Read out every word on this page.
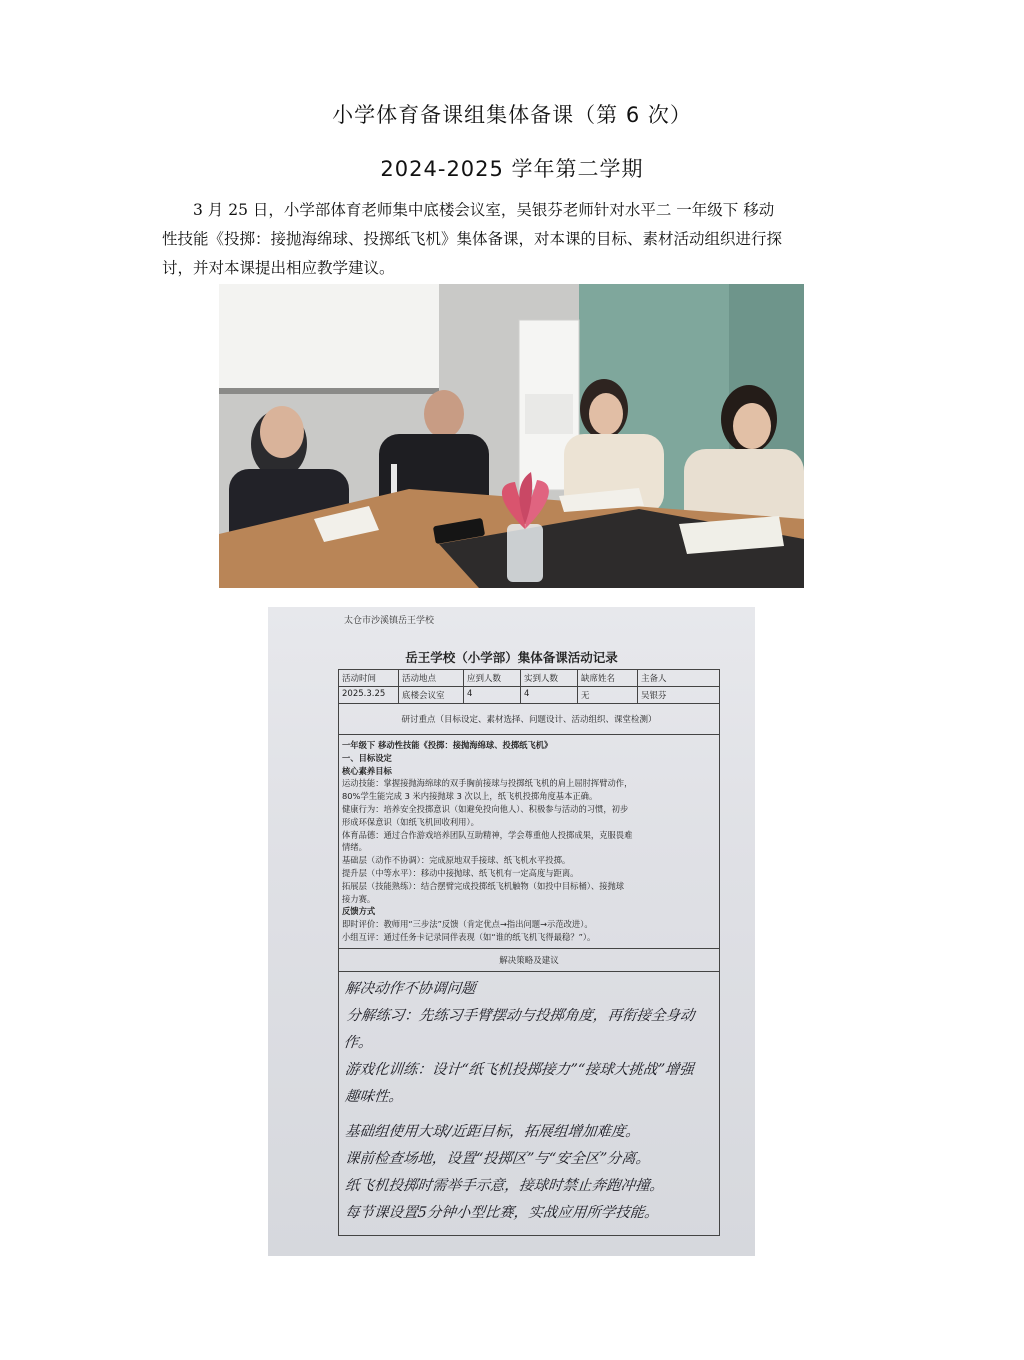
小学体育备课组集体备课（第 6 次）
2024-2025 学年第二学期
3 月 25 日，小学部体育老师集中底楼会议室，吴银芬老师针对水平二 一年级下 移动
性技能《投掷：接抛海绵球、投掷纸飞机》集体备课，对本课的目标、素材活动组织进行探
讨，并对本课提出相应教学建议。
太仓市沙溪镇岳王学校
岳王学校（小学部）集体备课活动记录
活动时间	活动地点	应到人数	实到人数	缺席姓名	主备人
2025.3.25	底楼会议室	4	4	无	吴银芬
研讨重点（目标设定、素材选择、问题设计、活动组织、课堂检测）
一年级下 移动性技能《投掷：接抛海绵球、投掷纸飞机》
一、目标设定
核心素养目标
运动技能：掌握接抛海绵球的双手胸前接球与投掷纸飞机的肩上屈肘挥臂动作，
80%学生能完成 3 米内接抛球 3 次以上，纸飞机投掷角度基本正确。
健康行为：培养安全投掷意识（如避免投向他人）、积极参与活动的习惯，初步
形成环保意识（如纸飞机回收利用）。
体育品德：通过合作游戏培养团队互助精神，学会尊重他人投掷成果，克服畏难
情绪。
基础层（动作不协调）：完成原地双手接球、纸飞机水平投掷。
提升层（中等水平）：移动中接抛球、纸飞机有一定高度与距离。
拓展层（技能熟练）：结合摆臂完成投掷纸飞机触物（如投中目标桶）、接抛球
接力赛。
反馈方式
即时评价：教师用“三步法”反馈（肯定优点→指出问题→示范改进）。
小组互评：通过任务卡记录同伴表现（如“谁的纸飞机飞得最稳？”）。
解决策略及建议
解决动作不协调问题
分解练习：先练习手臂摆动与投掷角度，再衔接全身动作。
游戏化训练：设计“纸飞机投掷接力”“接球大挑战”增强
趣味性。
基础组使用大球/近距目标，拓展组增加难度。
课前检查场地，设置“投掷区”与“安全区”分离。
纸飞机投掷时需举手示意，接球时禁止奔跑冲撞。
每节课设置5分钟小型比赛，实战应用所学技能。
